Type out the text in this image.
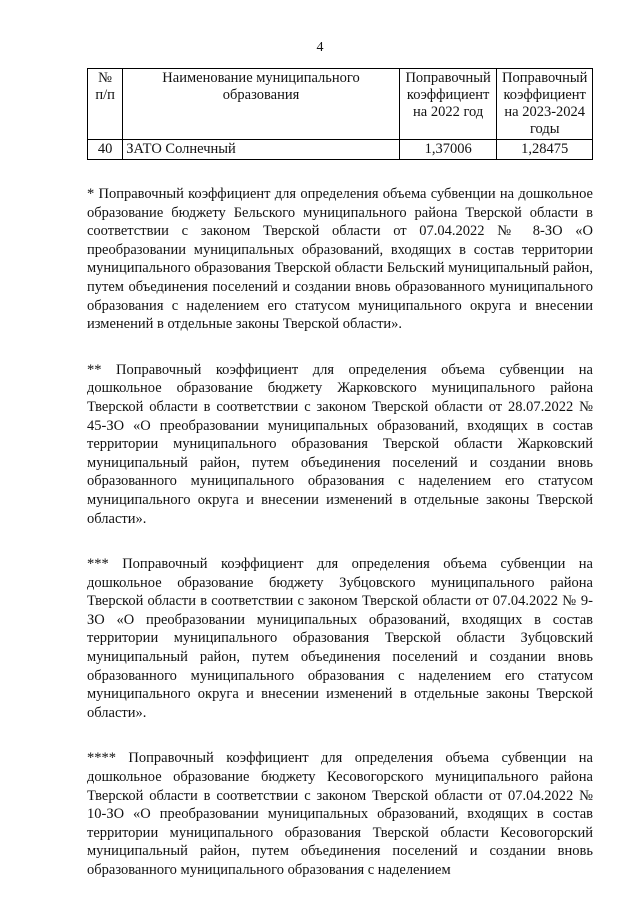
4
№ п/п	Наименование муниципального образования	Поправочный коэффициент на 2022 год	Поправочный коэффициент на 2023-2024 годы
40	ЗАТО Солнечный	1,37006	1,28475

* Поправочный коэффициент для определения объема субвенции на дошкольное образование бюджету Бельского муниципального района Тверской области в соответствии с законом Тверской области от 07.04.2022 № 8-ЗО «О преобразовании муниципальных образований, входящих в состав территории муниципального образования Тверской области Бельский муниципальный район, путем объединения поселений и создании вновь образованного муниципального образования с наделением его статусом муниципального округа и внесении изменений в отдельные законы Тверской области».

** Поправочный коэффициент для определения объема субвенции на дошкольное образование бюджету Жарковского муниципального района Тверской области в соответствии с законом Тверской области от 28.07.2022 № 45-ЗО «О преобразовании муниципальных образований, входящих в состав территории муниципального образования Тверской области Жарковский муниципальный район, путем объединения поселений и создании вновь образованного муниципального образования с наделением его статусом муниципального округа и внесении изменений в отдельные законы Тверской области».

*** Поправочный коэффициент для определения объема субвенции на дошкольное образование бюджету Зубцовского муниципального района Тверской области в соответствии с законом Тверской области от 07.04.2022 № 9-ЗО «О преобразовании муниципальных образований, входящих в состав территории муниципального образования Тверской области Зубцовский муниципальный район, путем объединения поселений и создании вновь образованного муниципального образования с наделением его статусом муниципального округа и внесении изменений в отдельные законы Тверской области».

**** Поправочный коэффициент для определения объема субвенции на дошкольное образование бюджету Кесовогорского муниципального района Тверской области в соответствии с законом Тверской области от 07.04.2022 № 10-ЗО «О преобразовании муниципальных образований, входящих в состав территории муниципального образования Тверской области Кесовогорский муниципальный район, путем объединения поселений и создании вновь образованного муниципального образования с наделением
